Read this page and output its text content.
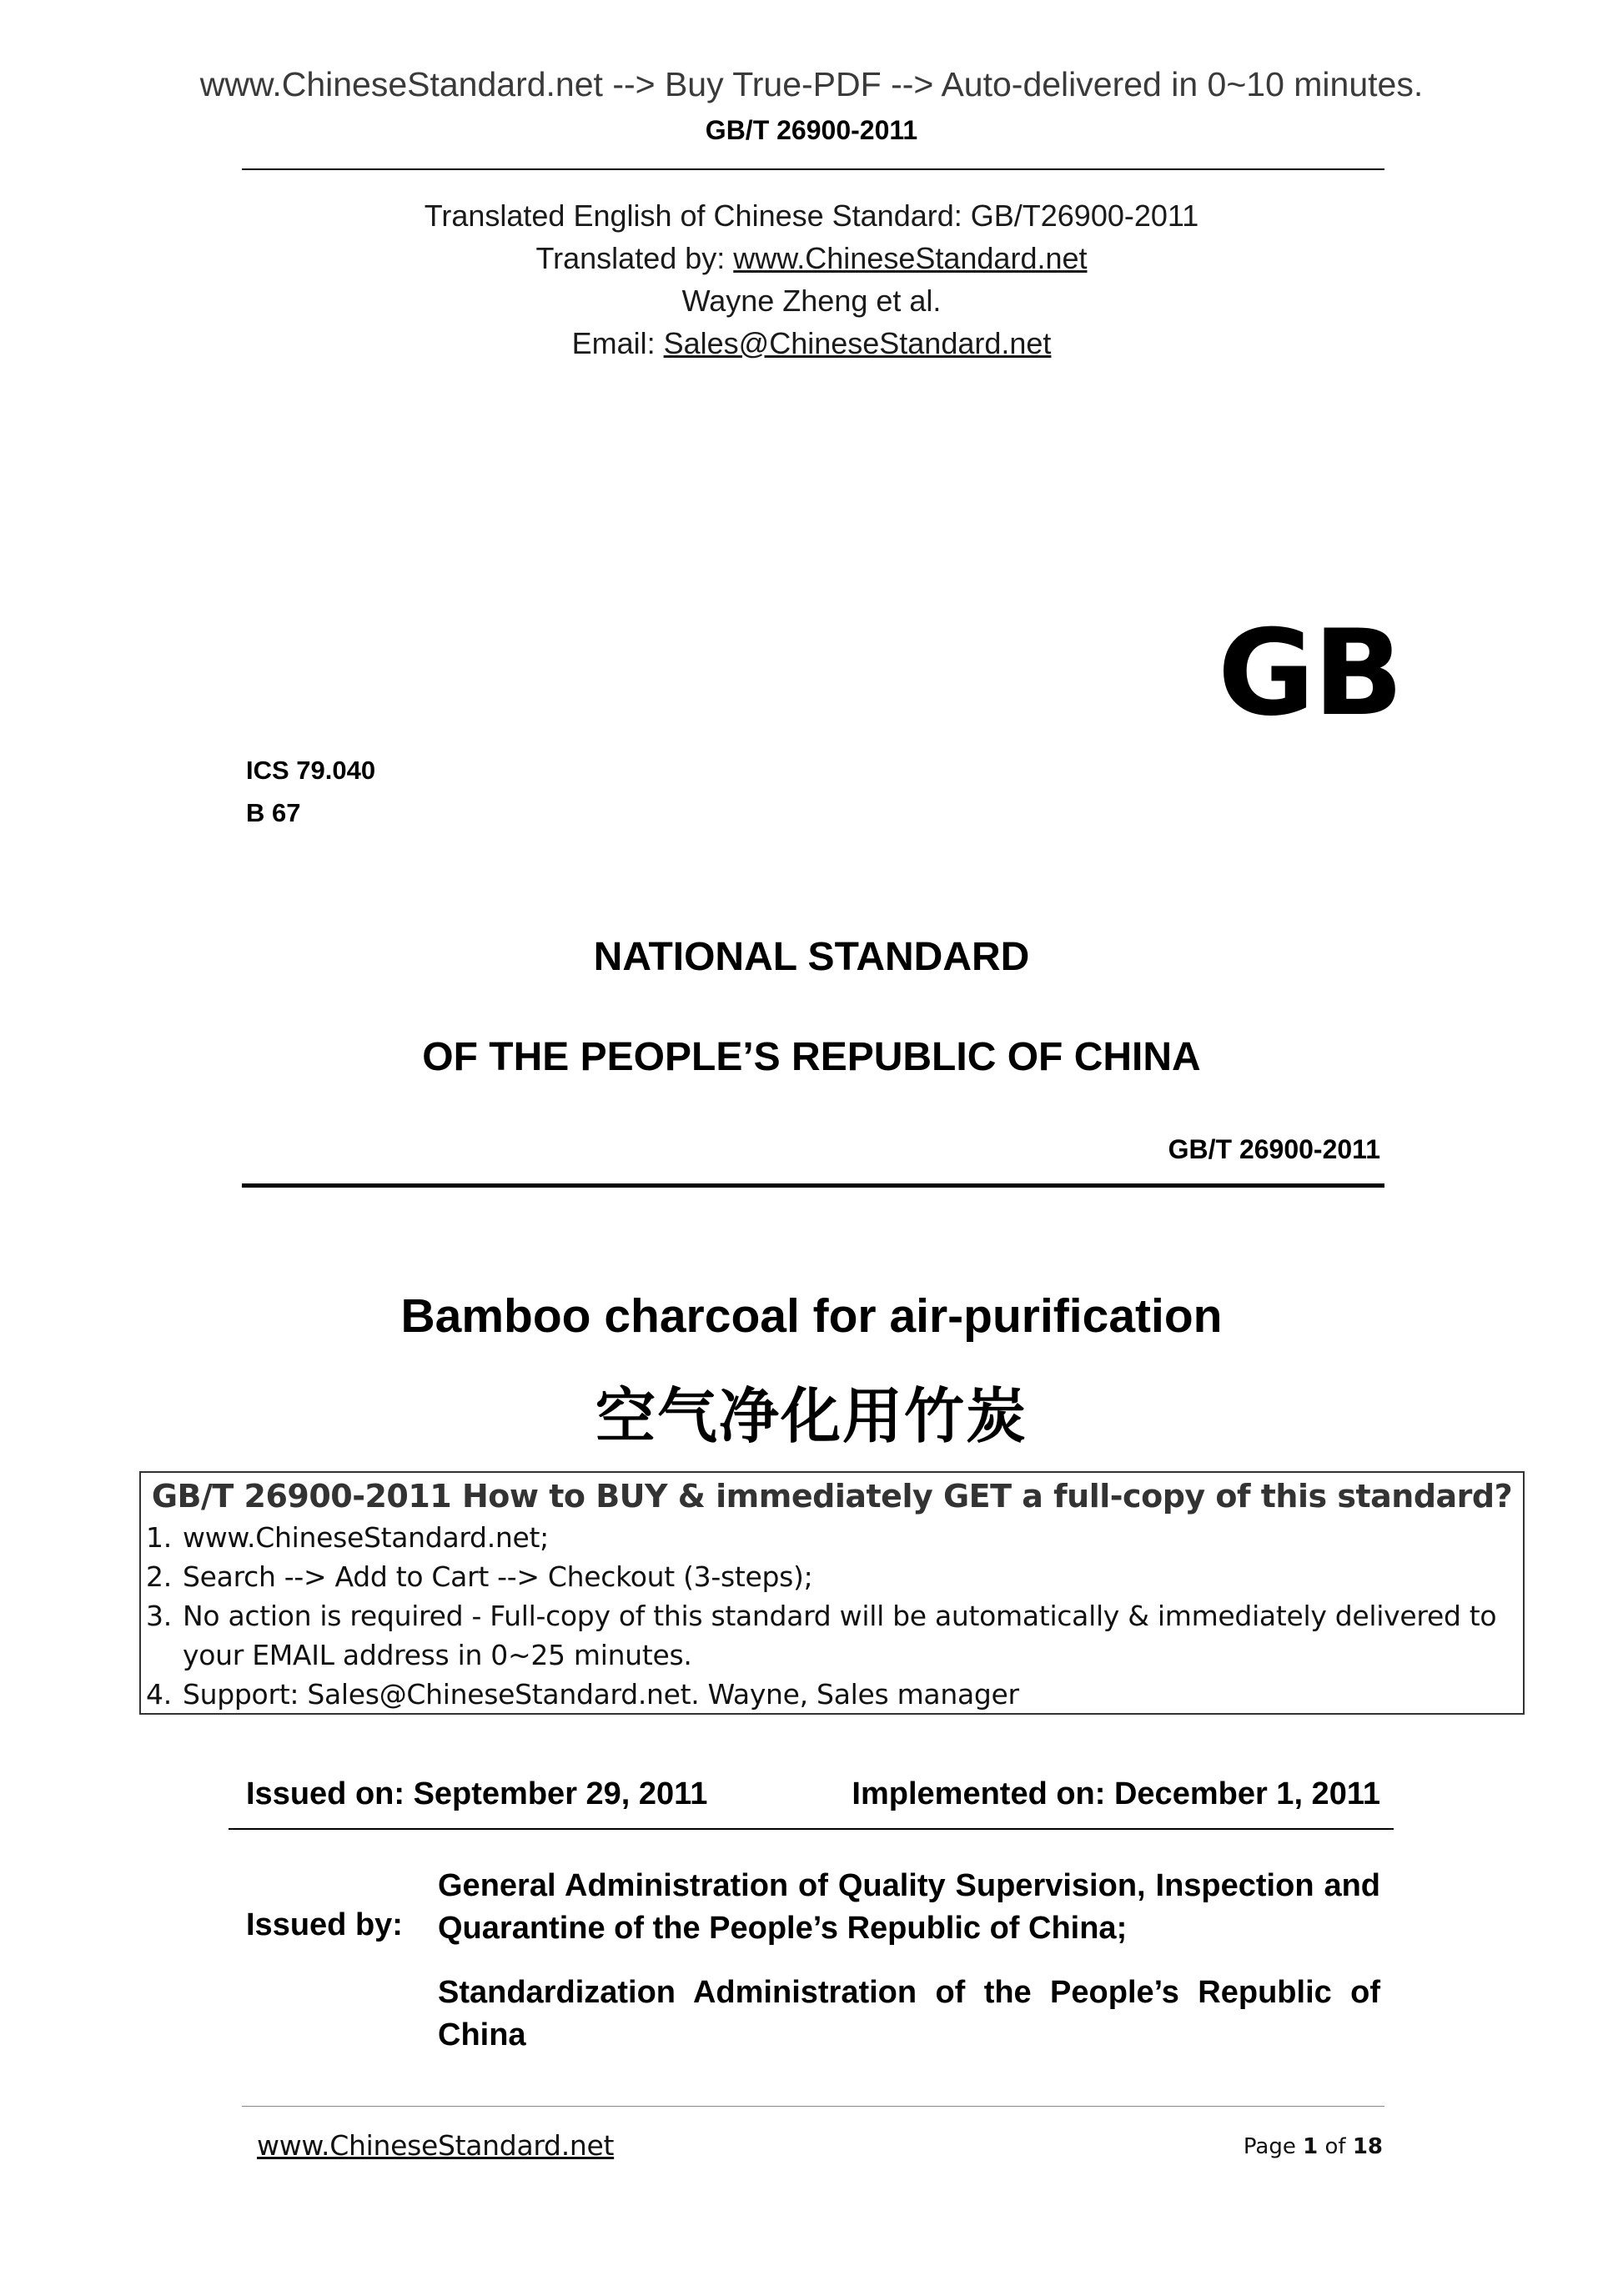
www.ChineseStandard.net --> Buy True-PDF --> Auto-delivered in 0~10 minutes.
GB/T 26900-2011
Translated English of Chinese Standard: GB/T26900-2011
Translated by: www.ChineseStandard.net
Wayne Zheng et al.
Email: Sales@ChineseStandard.net
GB
ICS 79.040
B 67
NATIONAL STANDARD
OF THE PEOPLE’S REPUBLIC OF CHINA
GB/T 26900-2011
Bamboo charcoal for air-purification
空气净化用竹炭
GB/T 26900-2011 How to BUY & immediately GET a full-copy of this standard?
1. www.ChineseStandard.net;
2. Search --> Add to Cart --> Checkout (3-steps);
3. No action is required - Full-copy of this standard will be automatically & immediately delivered to
your EMAIL address in 0~25 minutes.
4. Support: Sales@ChineseStandard.net. Wayne, Sales manager
Issued on: September 29, 2011	Implemented on: December 1, 2011
Issued by:
General Administration of Quality Supervision, Inspection and Quarantine of the People’s Republic of China;
Standardization Administration of the People’s Republic of China
www.ChineseStandard.net	Page 1 of 18
